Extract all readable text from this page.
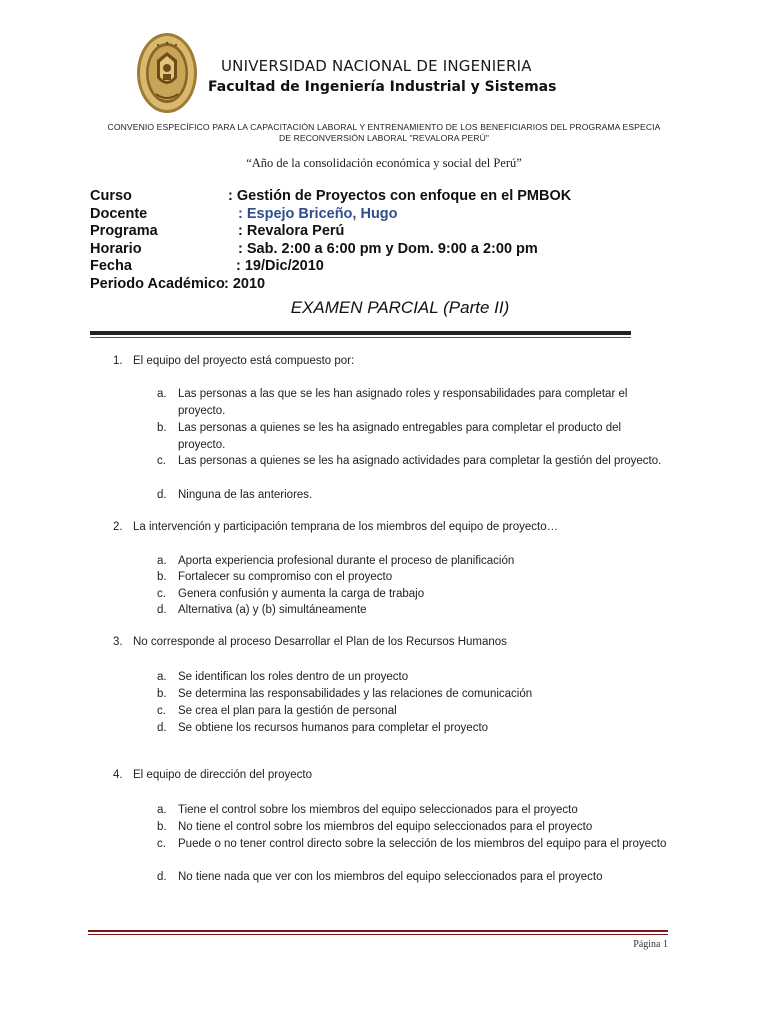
UNIVERSIDAD NACIONAL DE INGENIERIA
Facultad de Ingeniería Industrial y Sistemas
CONVENIO ESPECÍFICO PARA LA CAPACITACIÓN LABORAL Y ENTRENAMIENTO DE LOS BENEFICIARIOS DEL PROGRAMA ESPECIA
DE RECONVERSIÓN LABORAL "REVALORA PERÚ"
“Año de la consolidación económica y social del Perú”
Curso	: Gestión de Proyectos con enfoque en el PMBOK
Docente	: Espejo Briceño, Hugo
Programa	: Revalora Perú
Horario	: Sab. 2:00 a 6:00 pm y Dom. 9:00 a 2:00 pm
Fecha	: 19/Dic/2010
Periodo Académico : 2010
EXAMEN PARCIAL (Parte II)
1. El equipo del proyecto está compuesto por:
a. Las personas a las que se les han asignado roles y responsabilidades para completar el proyecto.
b. Las personas a quienes se les ha asignado entregables para completar el producto del proyecto.
c. Las personas a quienes se les ha asignado actividades para completar la gestión del proyecto.
d. Ninguna de las anteriores.
2. La intervención y participación temprana de los miembros del equipo de proyecto…
a. Aporta experiencia profesional durante el proceso de planificación
b. Fortalecer su compromiso con el proyecto
c. Genera confusión y aumenta la carga de trabajo
d. Alternativa (a) y (b) simultáneamente
3. No corresponde al proceso Desarrollar el Plan de los Recursos Humanos
a. Se identifican los roles dentro de un proyecto
b. Se determina las responsabilidades y las relaciones de comunicación
c. Se crea el plan para la gestión de personal
d. Se obtiene los recursos humanos para completar el proyecto
4. El equipo de dirección del proyecto
a. Tiene el control sobre los miembros del equipo seleccionados para el proyecto
b. No tiene el control sobre los miembros del equipo seleccionados para el proyecto
c. Puede o no tener control directo sobre la selección de los miembros del equipo para el proyecto
d. No tiene nada que ver con los miembros del equipo seleccionados para el proyecto
Página 1
